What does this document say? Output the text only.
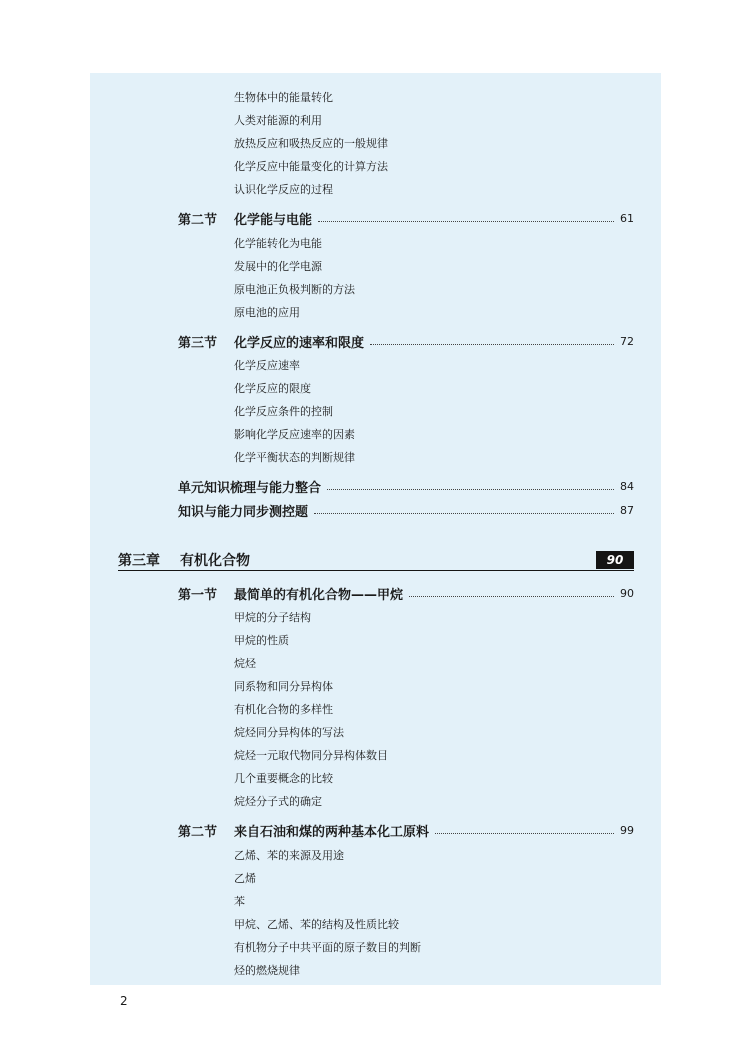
生物体中的能量转化
人类对能源的利用
放热反应和吸热反应的一般规律
化学反应中能量变化的计算方法
认识化学反应的过程
第二节	化学能与电能	61
化学能转化为电能
发展中的化学电源
原电池正负极判断的方法
原电池的应用
第三节	化学反应的速率和限度	72
化学反应速率
化学反应的限度
化学反应条件的控制
影响化学反应速率的因素
化学平衡状态的判断规律
单元知识梳理与能力整合	84
知识与能力同步测控题	87
第三章	有机化合物	90
第一节	最简单的有机化合物——甲烷	90
甲烷的分子结构
甲烷的性质
烷烃
同系物和同分异构体
有机化合物的多样性
烷烃同分异构体的写法
烷烃一元取代物同分异构体数目
几个重要概念的比较
烷烃分子式的确定
第二节	来自石油和煤的两种基本化工原料	99
乙烯、苯的来源及用途
乙烯
苯
甲烷、乙烯、苯的结构及性质比较
有机物分子中共平面的原子数目的判断
烃的燃烧规律
2
